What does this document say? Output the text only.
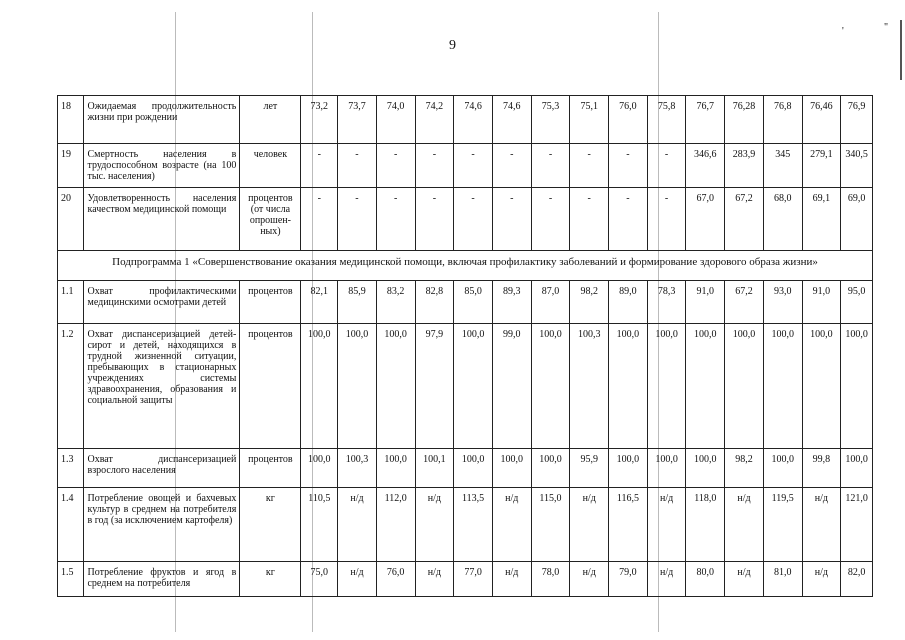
9
'	"
18	Ожидаемая продолжительность жизни при рождении	лет	73,2	73,7	74,0	74,2	74,6	74,6	75,3	75,1	76,0	75,8	76,7	76,28	76,8	76,46	76,9
19	Смертность населения в трудоспособном возрасте (на 100 тыс. населения)	человек	-	-	-	-	-	-	-	-	-	-	346,6	283,9	345	279,1	340,5
20	Удовлетворенность населения качеством медицинской помощи	процентов (от числа опрошен-ных)	-	-	-	-	-	-	-	-	-	-	67,0	67,2	68,0	69,1	69,0
Подпрограмма 1 «Совершенствование оказания медицинской помощи, включая профилактику заболеваний и формирование здорового образа жизни»																	
1.1	Охват профилактическими медицинскими осмотрами детей	процентов	82,1	85,9	83,2	82,8	85,0	89,3	87,0	98,2	89,0	78,3	91,0	67,2	93,0	91,0	95,0
1.2	Охват диспансеризацией детей-сирот и детей, находящихся в трудной жизненной ситуации, пребывающих в стационарных учреждениях системы здравоохранения, образования и социальной защиты	процентов	100,0	100,0	100,0	97,9	100,0	99,0	100,0	100,3	100,0	100,0	100,0	100,0	100,0	100,0	100,0
1.3	Охват диспансеризацией взрослого населения	процентов	100,0	100,3	100,0	100,1	100,0	100,0	100,0	95,9	100,0	100,0	100,0	98,2	100,0	99,8	100,0
1.4	Потребление овощей и бахчевых культур в среднем на потребителя в год (за исключением картофеля)	кг	110,5	н/д	112,0	н/д	113,5	н/д	115,0	н/д	116,5	н/д	118,0	н/д	119,5	н/д	121,0
1.5	Потребление фруктов и ягод в среднем на потребителя	кг	75,0	н/д	76,0	н/д	77,0	н/д	78,0	н/д	79,0	н/д	80,0	н/д	81,0	н/д	82,0
